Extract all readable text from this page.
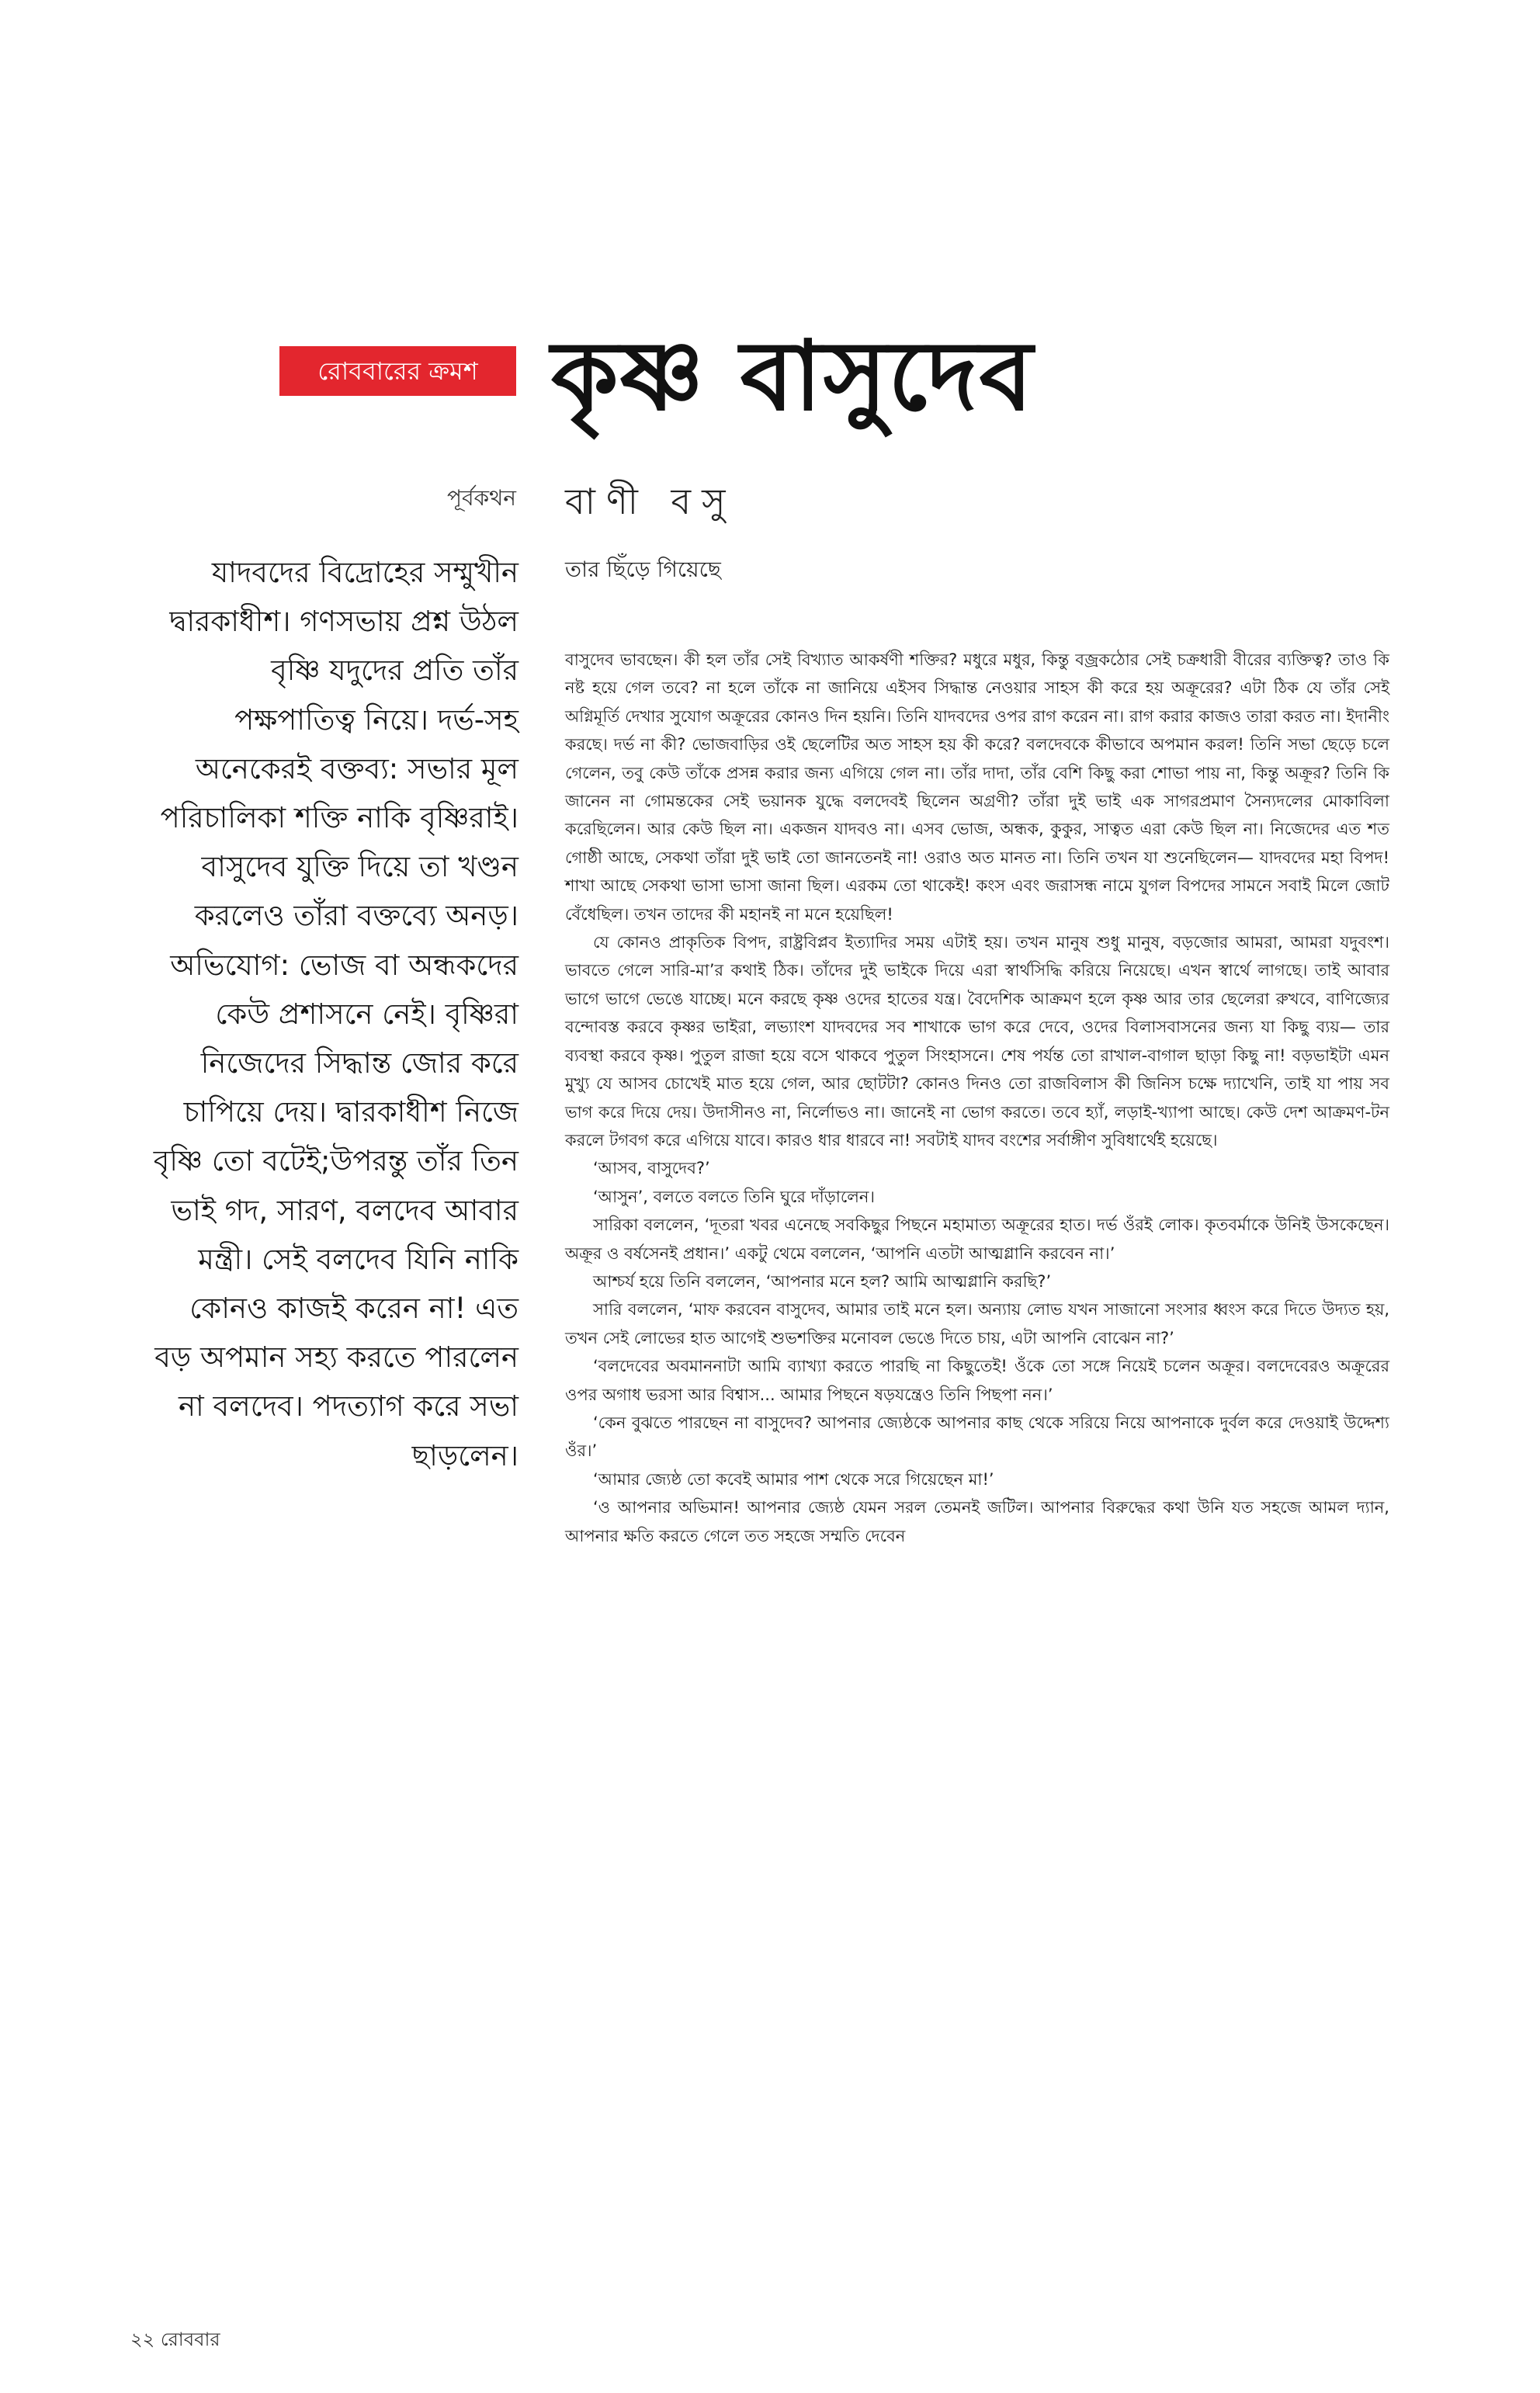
রোববারের ক্রমশ কৃষ্ণ বাসুদেব
পূর্বকথন বাণী বসু
তার ছিঁড়ে গিয়েছে
যাদবদের বিদ্রোহের সম্মুখীন দ্বারকাধীশ। গণসভায় প্রশ্ন উঠল বৃষ্ণি যদুদের প্রতি তাঁর পক্ষপাতিত্ব নিয়ে। দর্ভ-সহ অনেকেরই বক্তব্য: সভার মূল পরিচালিকা শক্তি নাকি বৃষ্ণিরাই। বাসুদেব যুক্তি দিয়ে তা খণ্ডন করলেও তাঁরা বক্তব্যে অনড়। অভিযোগ: ভোজ বা অন্ধকদের কেউ প্রশাসনে নেই। বৃষ্ণিরা নিজেদের সিদ্ধান্ত জোর করে চাপিয়ে দেয়। দ্বারকাধীশ নিজে বৃষ্ণি তো বটেই;উপরন্তু তাঁর তিন ভাই গদ, সারণ, বলদেব আবার মন্ত্রী। সেই বলদেব যিনি নাকি কোনও কাজই করেন না! এত বড় অপমান সহ্য করতে পারলেন না বলদেব। পদত্যাগ করে সভা ছাড়লেন।

বাসুদেব ভাবছেন। কী হল তাঁর সেই বিখ্যাত আকর্ষণী শক্তির? মধুরে মধুর, কিন্তু বজ্রকঠোর সেই চক্রধারী বীরের ব্যক্তিত্ব? তাও কি নষ্ট হয়ে গেল তবে? না হলে তাঁকে না জানিয়ে এইসব সিদ্ধান্ত নেওয়ার সাহস কী করে হয় অক্রূরের? এটা ঠিক যে তাঁর সেই অগ্নিমূর্তি দেখার সুযোগ অক্রূরের কোনও দিন হয়নি। তিনি যাদবদের ওপর রাগ করেন না। রাগ করার কাজও তারা করত না। ইদানীং করছে। দর্ভ না কী? ভোজবাড়ির ওই ছেলেটির অত সাহস হয় কী করে? বলদেবকে কীভাবে অপমান করল! তিনি সভা ছেড়ে চলে গেলেন, তবু কেউ তাঁকে প্রসন্ন করার জন্য এগিয়ে গেল না। তাঁর দাদা, তাঁর বেশি কিছু করা শোভা পায় না, কিন্তু অক্রূর? তিনি কি জানেন না গোমন্তকের সেই ভয়ানক যুদ্ধে বলদেবই ছিলেন অগ্রণী? তাঁরা দুই ভাই এক সাগরপ্রমাণ সৈন্যদলের মোকাবিলা করেছিলেন। আর কেউ ছিল না। একজন যাদবও না। এসব ভোজ, অন্ধক, কুকুর, সাত্বত এরা কেউ ছিল না। নিজেদের এত শত গোষ্ঠী আছে, সেকথা তাঁরা দুই ভাই তো জানতেনই না! ওরাও অত মানত না। তিনি তখন যা শুনেছিলেন— যাদবদের মহা বিপদ! শাখা আছে সেকথা ভাসা ভাসা জানা ছিল। এরকম তো থাকেই! কংস এবং জরাসন্ধ নামে যুগল বিপদের সামনে সবাই মিলে জোট বেঁধেছিল। তখন তাদের কী মহানই না মনে হয়েছিল!

যে কোনও প্রাকৃতিক বিপদ, রাষ্ট্রবিপ্লব ইত্যাদির সময় এটাই হয়। তখন মানুষ শুধু মানুষ, বড়জোর আমরা, আমরা যদুবংশ। ভাবতে গেলে সারি-মা’র কথাই ঠিক। তাঁদের দুই ভাইকে দিয়ে এরা স্বার্থসিদ্ধি করিয়ে নিয়েছে। এখন স্বার্থে লাগছে। তাই আবার ভাগে ভাগে ভেঙে যাচ্ছে। মনে করছে কৃষ্ণ ওদের হাতের যন্ত্র। বৈদেশিক আক্রমণ হলে কৃষ্ণ আর তার ছেলেরা রুখবে, বাণিজ্যের বন্দোবস্ত করবে কৃষ্ণর ভাইরা, লভ্যাংশ যাদবদের সব শাখাকে ভাগ করে দেবে, ওদের বিলাসবাসনের জন্য যা কিছু ব্যয়— তার ব্যবস্থা করবে কৃষ্ণ। পুতুল রাজা হয়ে বসে থাকবে পুতুল সিংহাসনে। শেষ পর্যন্ত তো রাখাল-বাগাল ছাড়া কিছু না! বড়ভাইটা এমন মুখ্যু যে আসব চোখেই মাত হয়ে গেল, আর ছোটটা? কোনও দিনও তো রাজবিলাস কী জিনিস চক্ষে দ্যাখেনি, তাই যা পায় সব ভাগ করে দিয়ে দেয়। উদাসীনও না, নির্লোভও না। জানেই না ভোগ করতে। তবে হ্যাঁ, লড়াই-খ্যাপা আছে। কেউ দেশ আক্রমণ-টন করলে টগবগ করে এগিয়ে যাবে। কারও ধার ধারবে না! সবটাই যাদব বংশের সর্বাঙ্গীণ সুবিধার্থেই হয়েছে।

‘আসব, বাসুদেব?’

‘আসুন’, বলতে বলতে তিনি ঘুরে দাঁড়ালেন।

সারিকা বললেন, ‘দূতরা খবর এনেছে সবকিছুর পিছনে মহামাত্য অক্রূরের হাত। দর্ভ ওঁরই লোক। কৃতবর্মাকে উনিই উসকেছেন। অক্রূর ও বর্ষসেনই প্রধান।’ একটু থেমে বললেন, ‘আপনি এতটা আত্মগ্লানি করবেন না।’

আশ্চর্য হয়ে তিনি বললেন, ‘আপনার মনে হল? আমি আত্মগ্লানি করছি?’

সারি বললেন, ‘মাফ করবেন বাসুদেব, আমার তাই মনে হল। অন্যায় লোভ যখন সাজানো সংসার ধ্বংস করে দিতে উদ্যত হয়, তখন সেই লোভের হাত আগেই শুভশক্তির মনোবল ভেঙে দিতে চায়, এটা আপনি বোঝেন না?’

‘বলদেবের অবমাননাটা আমি ব্যাখ্যা করতে পারছি না কিছুতেই! ওঁকে তো সঙ্গে নিয়েই চলেন অক্রূর। বলদেবেরও অক্রূরের ওপর অগাধ ভরসা আর বিশ্বাস... আমার পিছনে ষড়যন্ত্রেও তিনি পিছপা নন।’

‘কেন বুঝতে পারছেন না বাসুদেব? আপনার জ্যেষ্ঠকে আপনার কাছ থেকে সরিয়ে নিয়ে আপনাকে দুর্বল করে দেওয়াই উদ্দেশ্য ওঁর।’

‘আমার জ্যেষ্ঠ তো কবেই আমার পাশ থেকে সরে গিয়েছেন মা!’

‘ও আপনার অভিমান! আপনার জ্যেষ্ঠ যেমন সরল তেমনই জটিল। আপনার বিরুদ্ধের কথা উনি যত সহজে আমল দ্যান, আপনার ক্ষতি করতে গেলে তত সহজে সম্মতি দেবেন

২২ রোববার
